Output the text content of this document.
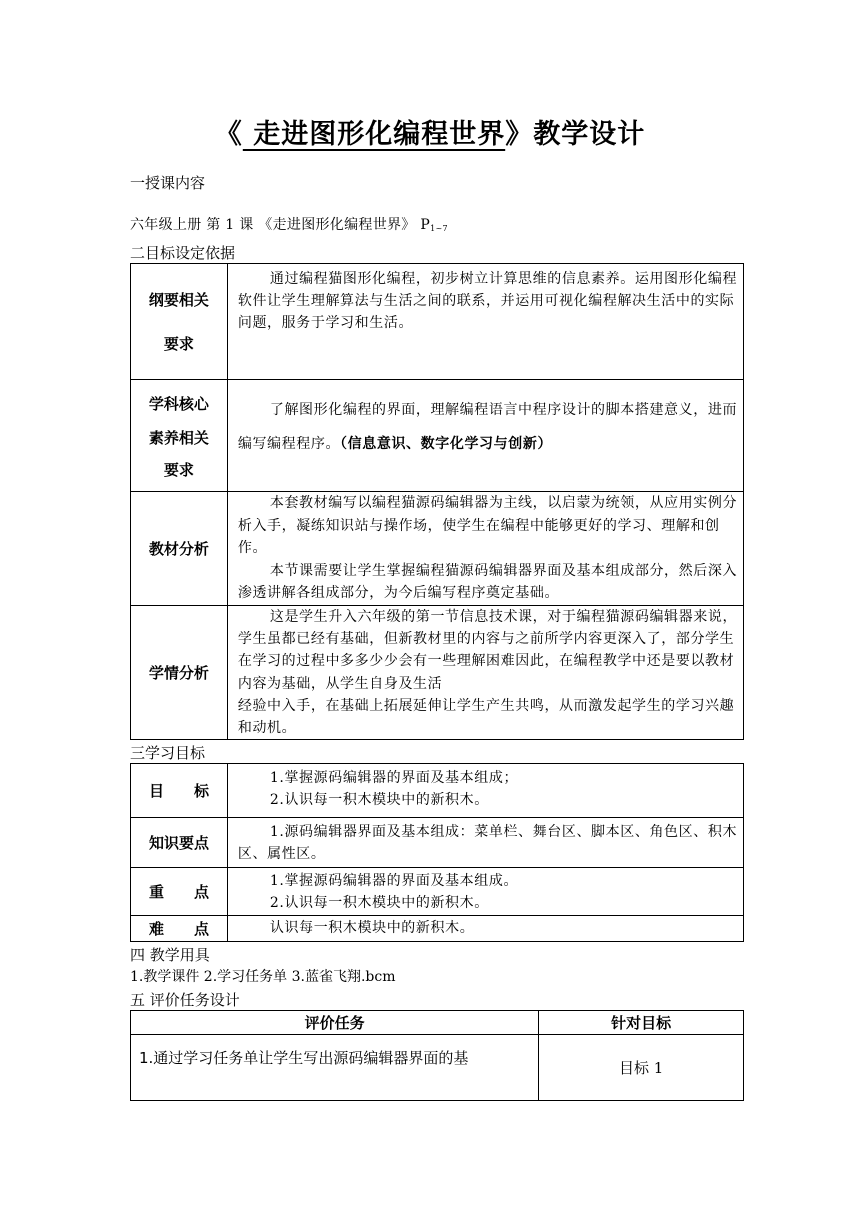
《 走进图形化编程世界》教学设计
一授课内容
六年级上册 第 1 课 《走进图形化编程世界》 $P_{1\sim 7}$
二目标设定依据

纲要相关

要求	通过编程猫图形化编程，初步树立计算思维的信息素养。运用图形化编程软件让学生理解算法与生活之间的联系，并运用可视化编程解决生活中的实际问题，服务于学习和生活。

学科核心

素养相关

要求	了解图形化编程的界面，理解编程语言中程序设计的脚本搭建意义，进而编写编程程序。（信息意识、数字化学习与创新）

教材分析	本套教材编写以编程猫源码编辑器为主线，以启蒙为统领，从应用实例分析入手，凝练知识站与操作场，使学生在编程中能够更好的学习、理解和创作。

本节课需要让学生掌握编程猫源码编辑器界面及基本组成部分，然后深入渗透讲解各组成部分，为今后编写程序奠定基础。

学情分析	这是学生升入六年级的第一节信息技术课，对于编程猫源码编辑器来说，学生虽都已经有基础，但新教材里的内容与之前所学内容更深入了，部分学生在学习的过程中多多少少会有一些理解困难因此，在编程教学中还是要以教材内容为基础，从学生自身及生活

经验中入手，在基础上拓展延伸让学生产生共鸣，从而激发起学生的学习兴趣和动机。

三学习目标
目　　标	1.掌握源码编辑器的界面及基本组成；

2.认识每一积木模块中的新积木。

知识要点	1.源码编辑器界面及基本组成：菜单栏、舞台区、脚本区、角色区、积木区、属性区。

重　　点	1.掌握源码编辑器的界面及基本组成。

2.认识每一积木模块中的新积木。

难　　点	认识每一积木模块中的新积木。

四 教学用具
1.教学课件 2.学习任务单 3.蓝雀飞翔.bcm
五 评价任务设计
评价任务	针对目标
1.通过学习任务单让学生写出源码编辑器界面的基	目标 1
